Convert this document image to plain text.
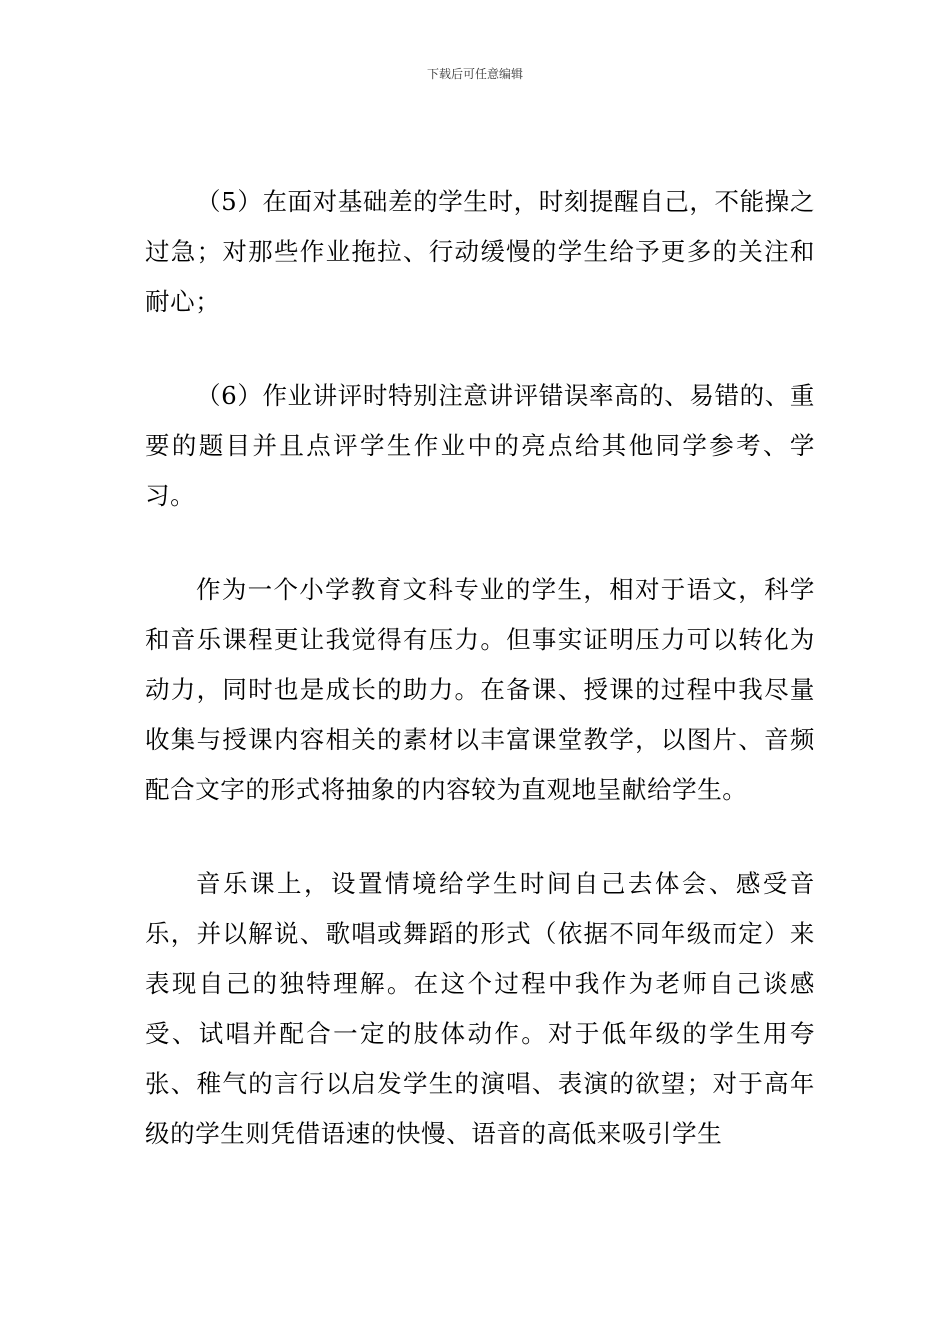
下载后可任意编辑

（5）在面对基础差的学生时，时刻提醒自己，不能操之过急；对那些作业拖拉、行动缓慢的学生给予更多的关注和耐心；

（6）作业讲评时特别注意讲评错误率高的、易错的、重要的题目并且点评学生作业中的亮点给其他同学参考、学习。

作为一个小学教育文科专业的学生，相对于语文，科学和音乐课程更让我觉得有压力。但事实证明压力可以转化为动力，同时也是成长的助力。在备课、授课的过程中我尽量收集与授课内容相关的素材以丰富课堂教学，以图片、音频配合文字的形式将抽象的内容较为直观地呈献给学生。

音乐课上，设置情境给学生时间自己去体会、感受音乐，并以解说、歌唱或舞蹈的形式（依据不同年级而定）来表现自己的独特理解。在这个过程中我作为老师自己谈感受、试唱并配合一定的肢体动作。对于低年级的学生用夸张、稚气的言行以启发学生的演唱、表演的欲望；对于高年级的学生则凭借语速的快慢、语音的高低来吸引学生
